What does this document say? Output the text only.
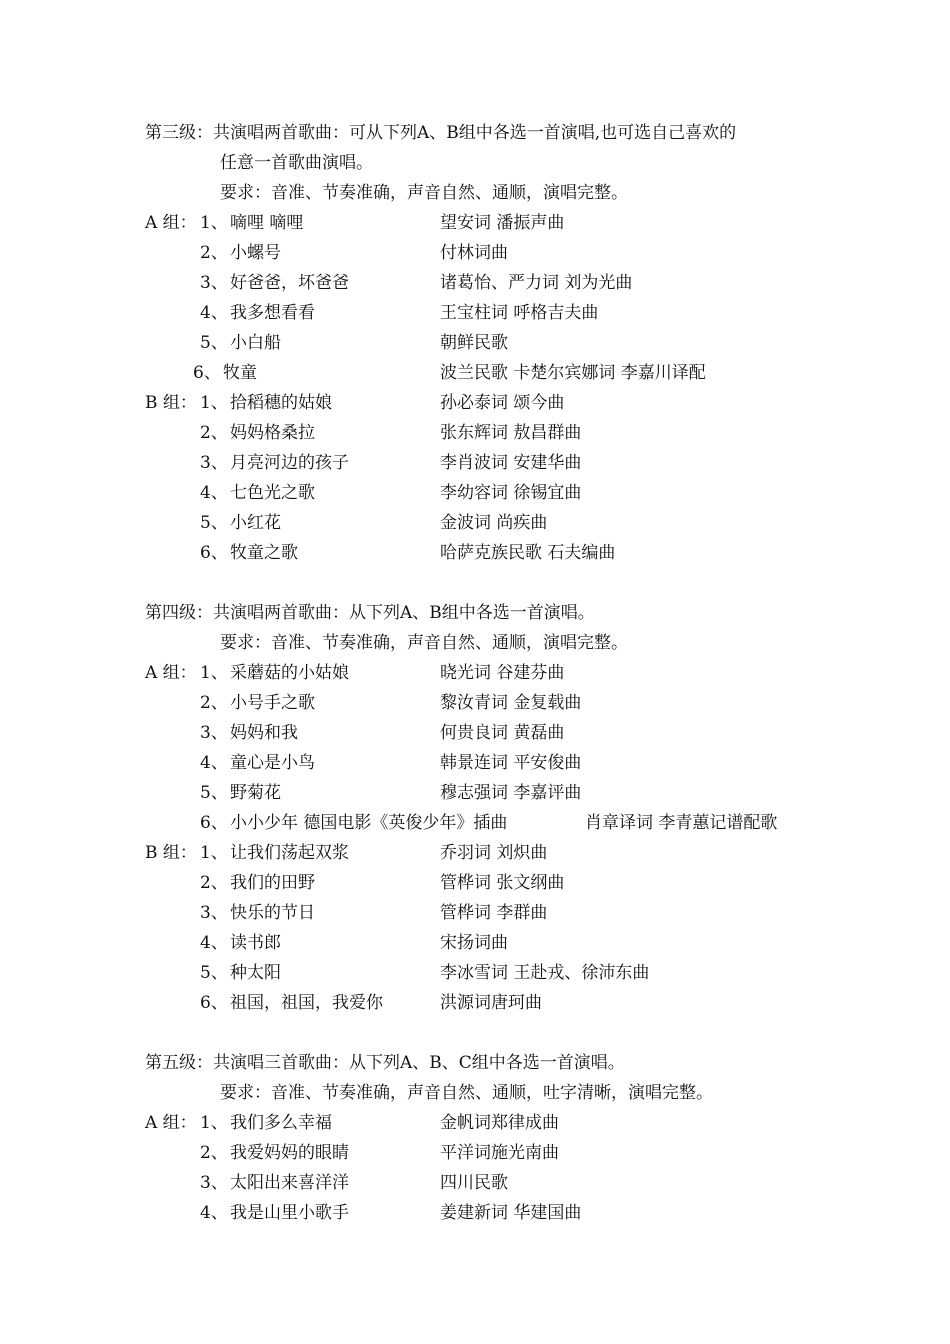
第三级：共演唱两首歌曲：可从下列A、B组中各选一首演唱,也可选自己喜欢的
任意一首歌曲演唱。
要求：音准、节奏准确，声音自然、通顺，演唱完整。
A 组： 1、 嘀哩 嘀哩	望安词 潘振声曲
2、 小螺号	付林词曲
3、 好爸爸，坏爸爸	诸葛怡、严力词 刘为光曲
4、 我多想看看	王宝柱词 呼格吉夫曲
5、 小白船	朝鲜民歌
6、 牧童	波兰民歌 卡楚尔宾娜词 李嘉川译配
B 组： 1、 拾稻穗的姑娘	孙必泰词 颂今曲
2、 妈妈格桑拉	张东辉词 敖昌群曲
3、 月亮河边的孩子	李肖波词 安建华曲
4、 七色光之歌	李幼容词 徐锡宜曲
5、 小红花	金波词 尚疾曲
6、 牧童之歌	哈萨克族民歌 石夫编曲
第四级：共演唱两首歌曲：从下列A、B组中各选一首演唱。
要求：音准、节奏准确，声音自然、通顺，演唱完整。
A 组： 1、 采蘑菇的小姑娘	晓光词 谷建芬曲
2、 小号手之歌	黎汝青词 金复载曲
3、 妈妈和我	何贵良词 黄磊曲
4、 童心是小鸟	韩景连词 平安俊曲
5、 野菊花	穆志强词 李嘉评曲
6、 小小少年 德国电影《英俊少年》插曲	肖章译词 李青蕙记谱配歌
B 组： 1、 让我们荡起双浆	乔羽词 刘炽曲
2、 我们的田野	管桦词 张文纲曲
3、 快乐的节日	管桦词 李群曲
4、 读书郎	宋扬词曲
5、 种太阳	李冰雪词 王赴戎、徐沛东曲
6、 祖国，祖国，我爱你	洪源词唐珂曲
第五级：共演唱三首歌曲：从下列A、B、C组中各选一首演唱。
要求：音准、节奏准确，声音自然、通顺，吐字清晰，演唱完整。
A 组： 1、 我们多么幸福	金帆词郑律成曲
2、 我爱妈妈的眼睛	平洋词施光南曲
3、 太阳出来喜洋洋	四川民歌
4、 我是山里小歌手	姜建新词 华建国曲
